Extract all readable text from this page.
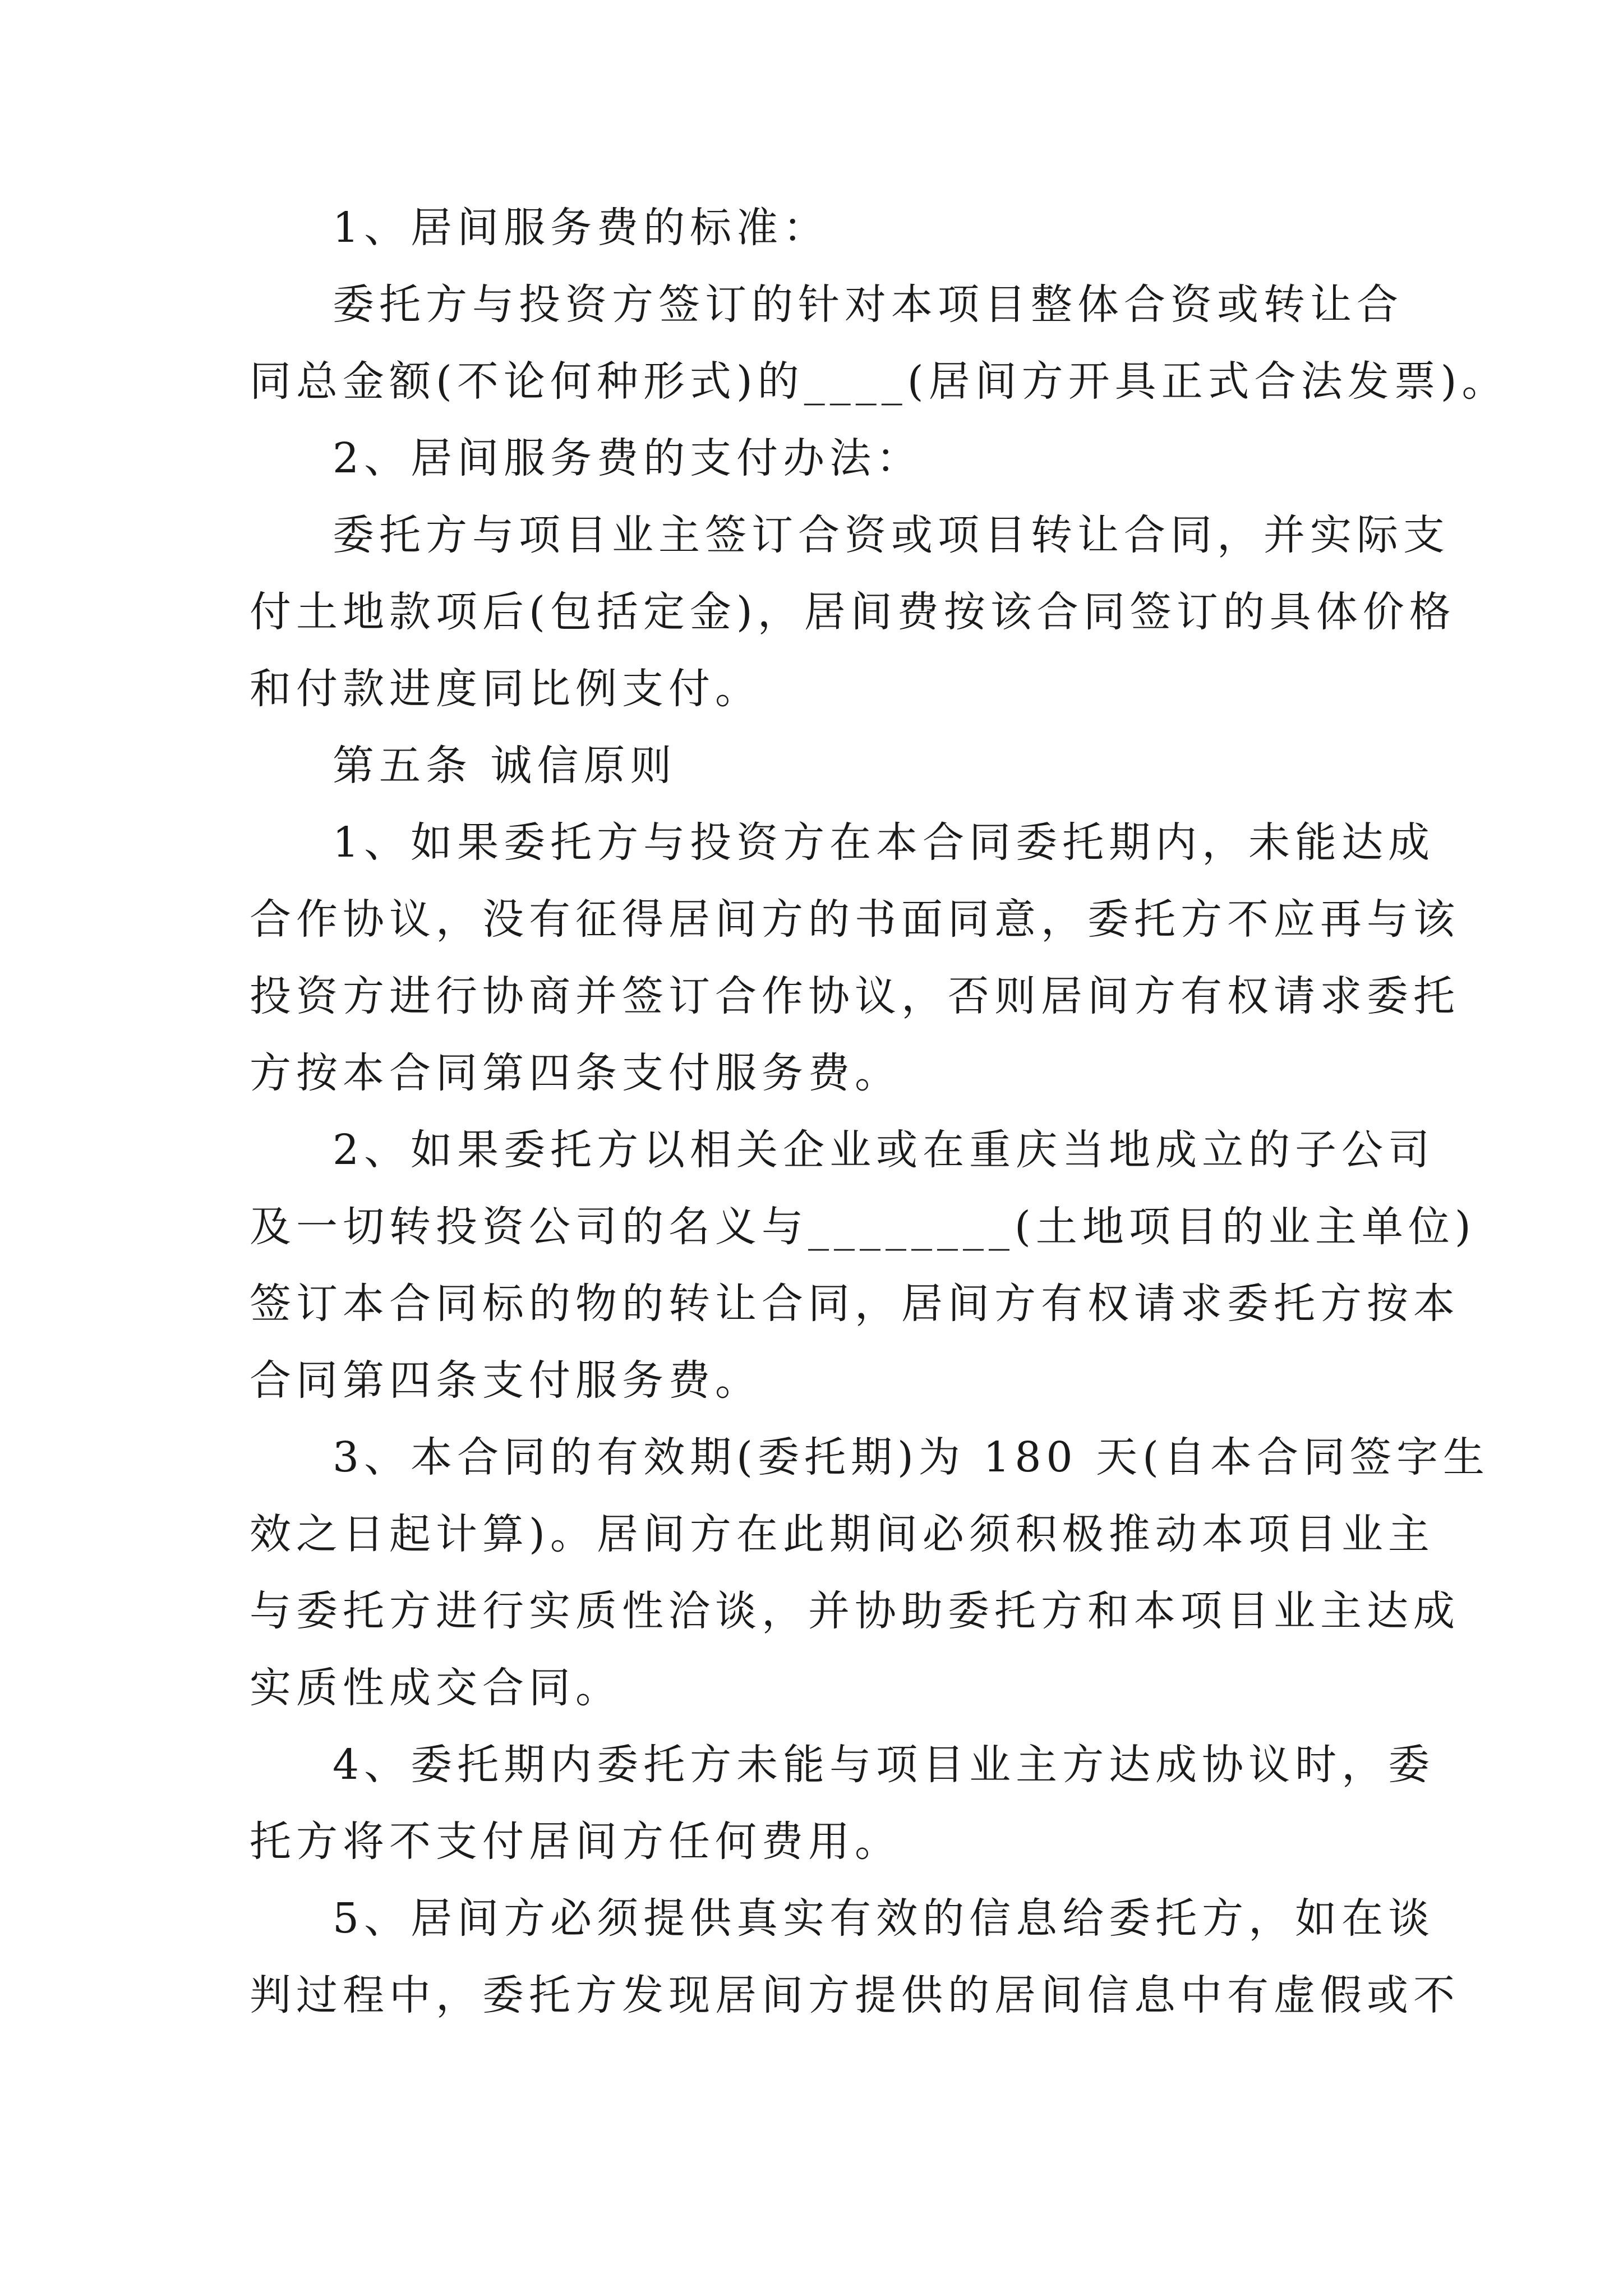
1、居间服务费的标准：
委托方与投资方签订的针对本项目整体合资或转让合
同总金额(不论何种形式)的____(居间方开具正式合法发票)。
2、居间服务费的支付办法：
委托方与项目业主签订合资或项目转让合同，并实际支
付土地款项后(包括定金)，居间费按该合同签订的具体价格
和付款进度同比例支付。
第五条 诚信原则
1、如果委托方与投资方在本合同委托期内，未能达成
合作协议，没有征得居间方的书面同意，委托方不应再与该
投资方进行协商并签订合作协议，否则居间方有权请求委托
方按本合同第四条支付服务费。
2、如果委托方以相关企业或在重庆当地成立的子公司
及一切转投资公司的名义与________(土地项目的业主单位)
签订本合同标的物的转让合同，居间方有权请求委托方按本
合同第四条支付服务费。
3、本合同的有效期(委托期)为 180 天(自本合同签字生
效之日起计算)。居间方在此期间必须积极推动本项目业主
与委托方进行实质性洽谈，并协助委托方和本项目业主达成
实质性成交合同。
4、委托期内委托方未能与项目业主方达成协议时，委
托方将不支付居间方任何费用。
5、居间方必须提供真实有效的信息给委托方，如在谈
判过程中，委托方发现居间方提供的居间信息中有虚假或不
